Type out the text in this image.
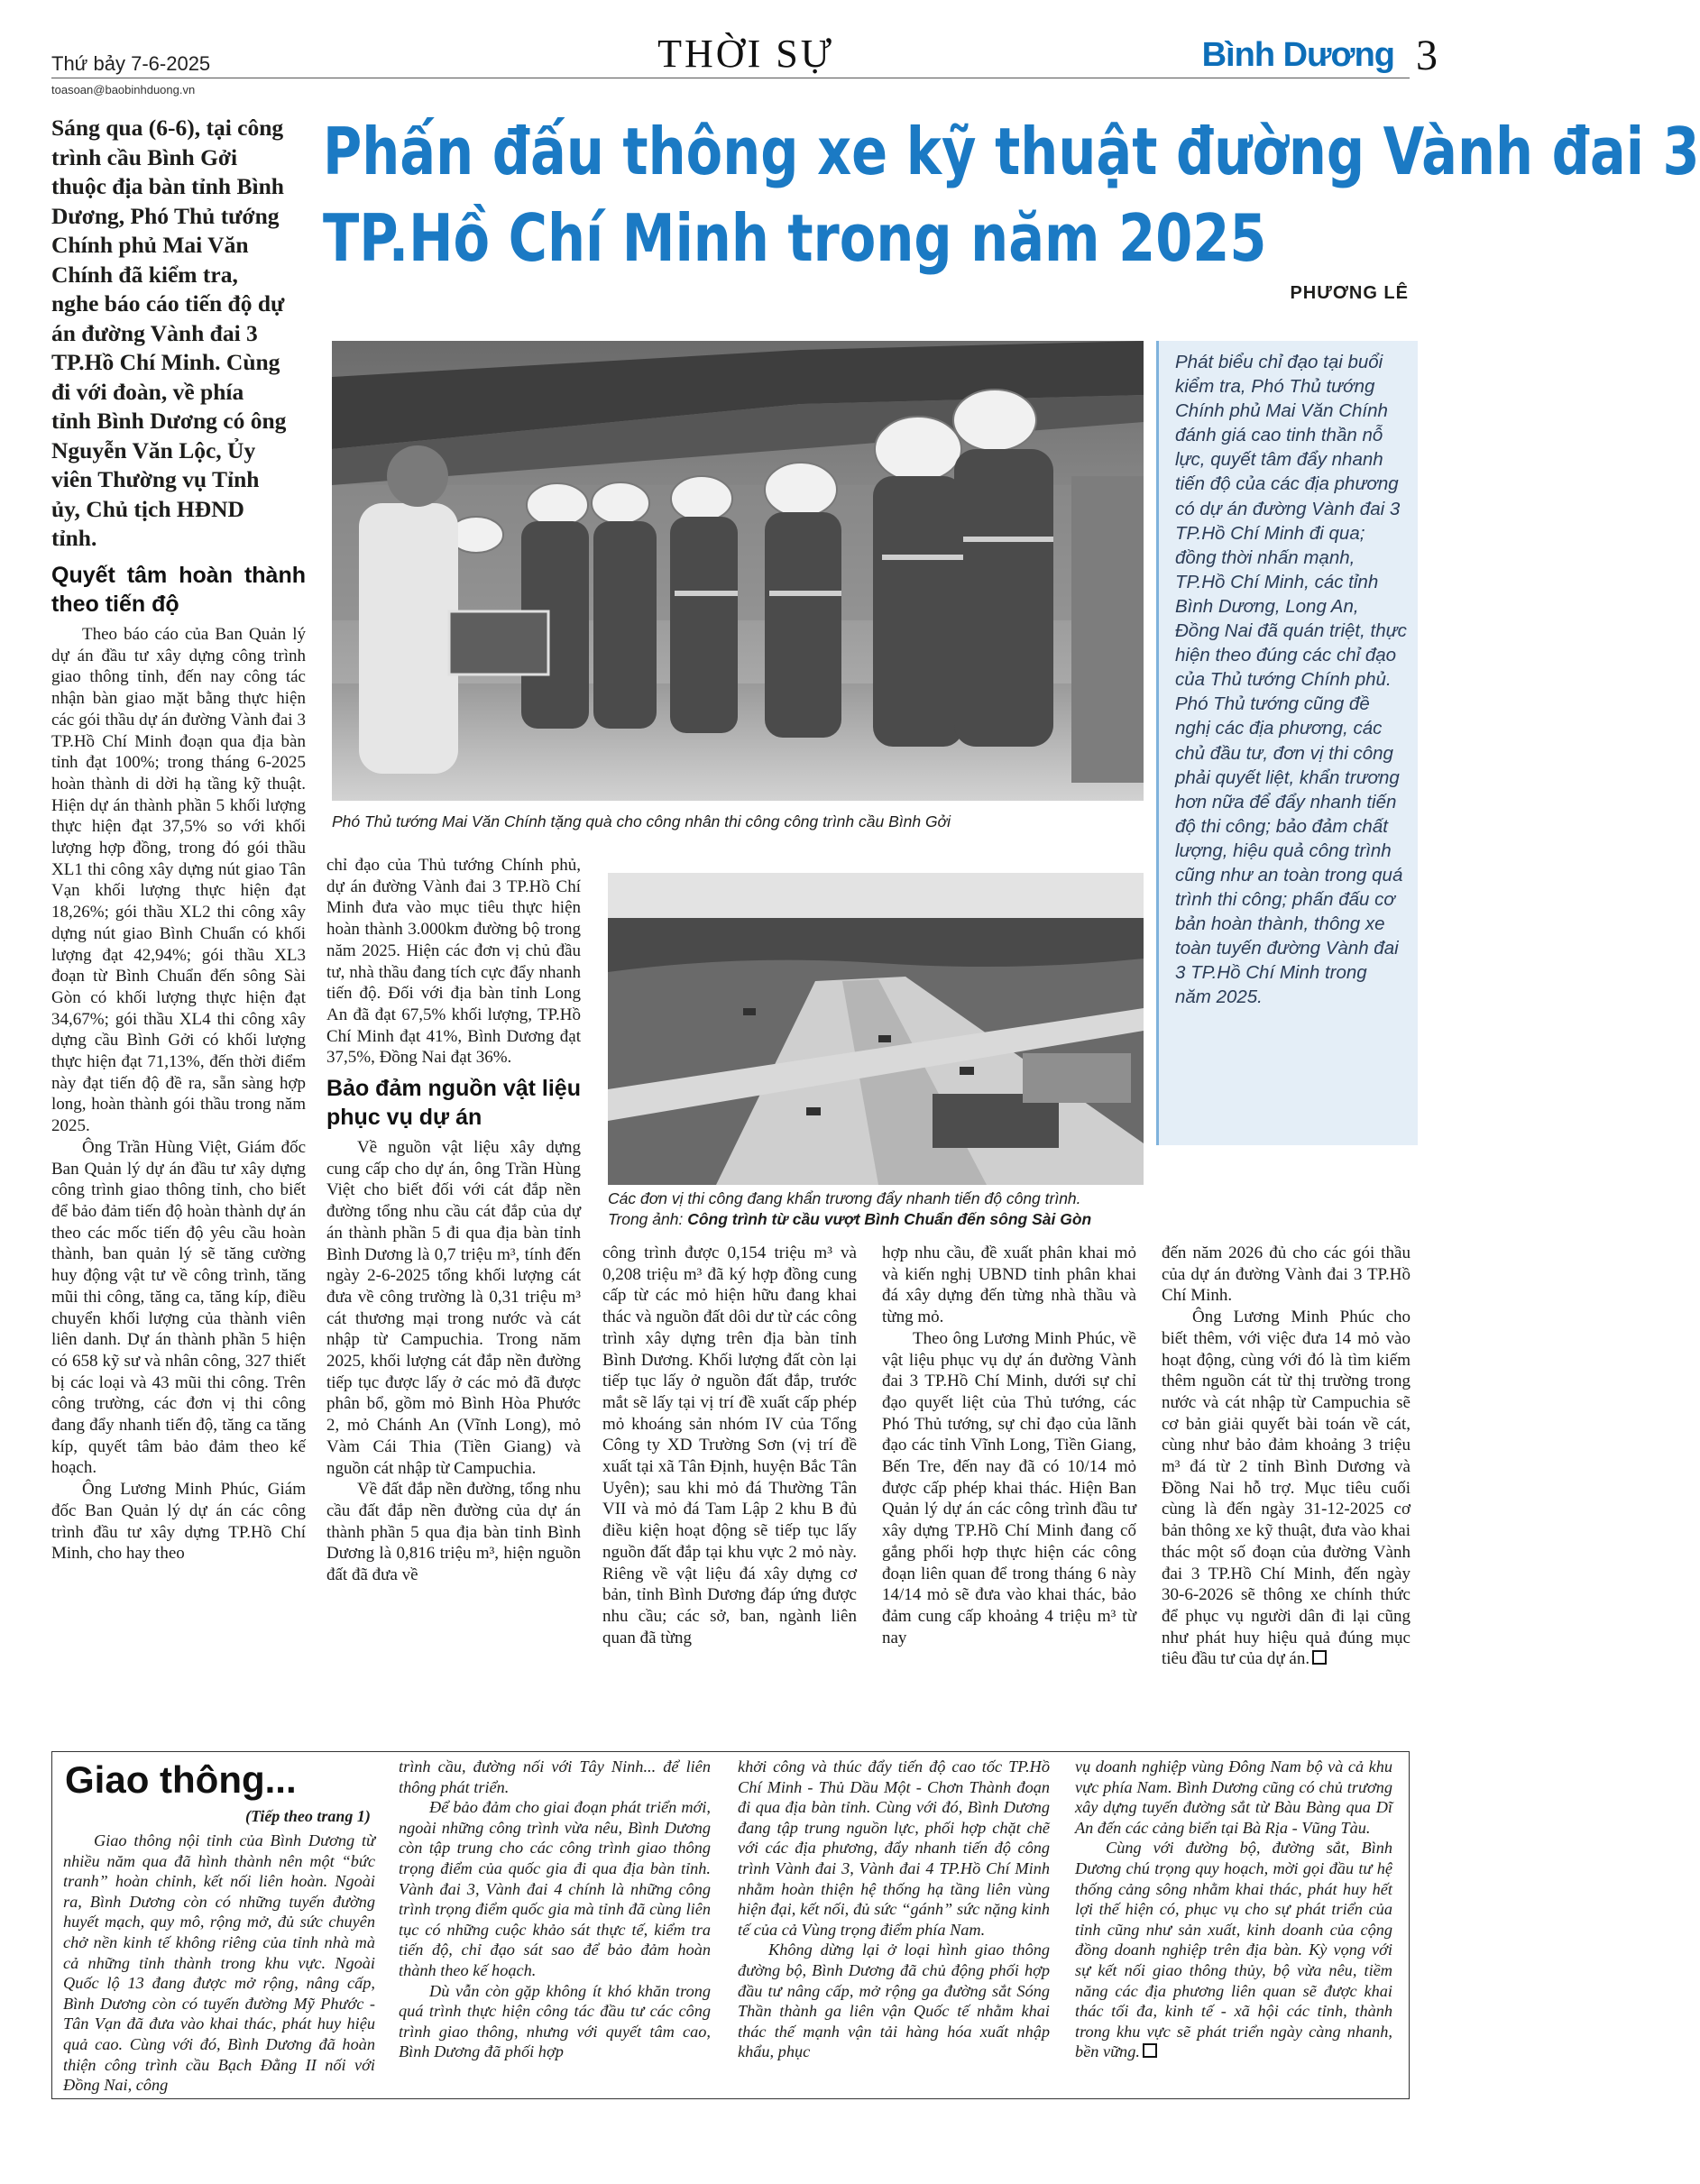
Thứ bảy 7-6-2025
toasoan@baobinhduong.vn
THỜI SỰ	Bình Dương 3
Phấn đấu thông xe kỹ thuật đường Vành đai 3
TP.Hồ Chí Minh trong năm 2025
PHƯƠNG LÊ
Sáng qua (6-6), tại công trình cầu Bình Gởi thuộc địa bàn tỉnh Bình Dương, Phó Thủ tướng Chính phủ Mai Văn Chính đã kiểm tra, nghe báo cáo tiến độ dự án đường Vành đai 3 TP.Hồ Chí Minh. Cùng đi với đoàn, về phía tỉnh Bình Dương có ông Nguyễn Văn Lộc, Ủy viên Thường vụ Tỉnh ủy, Chủ tịch HĐND tỉnh.
Quyết tâm hoàn thành theo tiến độ

Theo báo cáo của Ban Quản lý dự án đầu tư xây dựng công trình giao thông tỉnh, đến nay công tác nhận bàn giao mặt bằng thực hiện các gói thầu dự án đường Vành đai 3 TP.Hồ Chí Minh đoạn qua địa bàn tỉnh đạt 100%; trong tháng 6-2025 hoàn thành di dời hạ tầng kỹ thuật. Hiện dự án thành phần 5 khối lượng thực hiện đạt 37,5% so với khối lượng hợp đồng, trong đó gói thầu XL1 thi công xây dựng nút giao Tân Vạn khối lượng thực hiện đạt 18,26%; gói thầu XL2 thi công xây dựng nút giao Bình Chuẩn có khối lượng đạt 42,94%; gói thầu XL3 đoạn từ Bình Chuẩn đến sông Sài Gòn có khối lượng thực hiện đạt 34,67%; gói thầu XL4 thi công xây dựng cầu Bình Gởi có khối lượng thực hiện đạt 71,13%, đến thời điểm này đạt tiến độ đề ra, sẵn sàng hợp long, hoàn thành gói thầu trong năm 2025.

Ông Trần Hùng Việt, Giám đốc Ban Quản lý dự án đầu tư xây dựng công trình giao thông tỉnh, cho biết để bảo đảm tiến độ hoàn thành dự án theo các mốc tiến độ yêu cầu hoàn thành, ban quản lý sẽ tăng cường huy động vật tư về công trình, tăng mũi thi công, tăng ca, tăng kíp, điều chuyển khối lượng của thành viên liên danh. Dự án thành phần 5 hiện có 658 kỹ sư và nhân công, 327 thiết bị các loại và 43 mũi thi công. Trên công trường, các đơn vị thi công đang đẩy nhanh tiến độ, tăng ca tăng kíp, quyết tâm bảo đảm theo kế hoạch.

Ông Lương Minh Phúc, Giám đốc Ban Quản lý dự án các công trình đầu tư xây dựng TP.Hồ Chí Minh, cho hay theo

Phó Thủ tướng Mai Văn Chính tặng quà cho công nhân thi công công trình cầu Bình Gởi

chỉ đạo của Thủ tướng Chính phủ, dự án đường Vành đai 3 TP.Hồ Chí Minh đưa vào mục tiêu thực hiện hoàn thành 3.000km đường bộ trong năm 2025. Hiện các đơn vị chủ đầu tư, nhà thầu đang tích cực đẩy nhanh tiến độ. Đối với địa bàn tỉnh Long An đã đạt 67,5% khối lượng, TP.Hồ Chí Minh đạt 41%, Bình Dương đạt 37,5%, Đồng Nai đạt 36%.

Bảo đảm nguồn vật liệu phục vụ dự án

Về nguồn vật liệu xây dựng cung cấp cho dự án, ông Trần Hùng Việt cho biết đối với cát đắp nền đường tổng nhu cầu cát đắp của dự án thành phần 5 đi qua địa bàn tỉnh Bình Dương là 0,7 triệu m³, tính đến ngày 2-6-2025 tổng khối lượng cát đưa về công trường là 0,31 triệu m³ cát thương mại trong nước và cát nhập từ Campuchia. Trong năm 2025, khối lượng cát đắp nền đường tiếp tục được lấy ở các mỏ đã được phân bổ, gồm mỏ Bình Hòa Phước 2, mỏ Chánh An (Vĩnh Long), mỏ Vàm Cái Thia (Tiền Giang) và nguồn cát nhập từ Campuchia.

Về đất đắp nền đường, tổng nhu cầu đất đắp nền đường của dự án thành phần 5 qua địa bàn tỉnh Bình Dương là 0,816 triệu m³, hiện nguồn đất đã đưa về

Các đơn vị thi công đang khẩn trương đẩy nhanh tiến độ công trình.
Trong ảnh: Công trình từ cầu vượt Bình Chuẩn đến sông Sài Gòn

Phát biểu chỉ đạo tại buổi kiểm tra, Phó Thủ tướng Chính phủ Mai Văn Chính đánh giá cao tinh thần nỗ lực, quyết tâm đẩy nhanh tiến độ của các địa phương có dự án đường Vành đai 3 TP.Hồ Chí Minh đi qua; đồng thời nhấn mạnh, TP.Hồ Chí Minh, các tỉnh Bình Dương, Long An, Đồng Nai đã quán triệt, thực hiện theo đúng các chỉ đạo của Thủ tướng Chính phủ. Phó Thủ tướng cũng đề nghị các địa phương, các chủ đầu tư, đơn vị thi công phải quyết liệt, khẩn trương hơn nữa để đẩy nhanh tiến độ thi công; bảo đảm chất lượng, hiệu quả công trình cũng như an toàn trong quá trình thi công; phấn đấu cơ bản hoàn thành, thông xe toàn tuyến đường Vành đai 3 TP.Hồ Chí Minh trong năm 2025.

công trình được 0,154 triệu m³ và 0,208 triệu m³ đã ký hợp đồng cung cấp từ các mỏ hiện hữu đang khai thác và nguồn đất dôi dư từ các công trình xây dựng trên địa bàn tỉnh Bình Dương. Khối lượng đất còn lại tiếp tục lấy ở nguồn đất đắp, trước mắt sẽ lấy tại vị trí đề xuất cấp phép mỏ khoáng sản nhóm IV của Tổng Công ty XD Trường Sơn (vị trí đề xuất tại xã Tân Định, huyện Bắc Tân Uyên); sau khi mỏ đá Thường Tân VII và mỏ đá Tam Lập 2 khu B đủ điều kiện hoạt động sẽ tiếp tục lấy nguồn đất đắp tại khu vực 2 mỏ này. Riêng về vật liệu đá xây dựng cơ bản, tỉnh Bình Dương đáp ứng được nhu cầu; các sở, ban, ngành liên quan đã từng

hợp nhu cầu, đề xuất phân khai mỏ và kiến nghị UBND tỉnh phân khai đá xây dựng đến từng nhà thầu và từng mỏ.

Theo ông Lương Minh Phúc, về vật liệu phục vụ dự án đường Vành đai 3 TP.Hồ Chí Minh, dưới sự chỉ đạo quyết liệt của Thủ tướng, các Phó Thủ tướng, sự chỉ đạo của lãnh đạo các tỉnh Vĩnh Long, Tiền Giang, Bến Tre, đến nay đã có 10/14 mỏ được cấp phép khai thác. Hiện Ban Quản lý dự án các công trình đầu tư xây dựng TP.Hồ Chí Minh đang cố gắng phối hợp thực hiện các công đoạn liên quan để trong tháng 6 này 14/14 mỏ sẽ đưa vào khai thác, bảo đảm cung cấp khoảng 4 triệu m³ từ nay

đến năm 2026 đủ cho các gói thầu của dự án đường Vành đai 3 TP.Hồ Chí Minh.

Ông Lương Minh Phúc cho biết thêm, với việc đưa 14 mỏ vào hoạt động, cùng với đó là tìm kiếm thêm nguồn cát từ thị trường trong nước và cát nhập từ Campuchia sẽ cơ bản giải quyết bài toán về cát, cùng như bảo đảm khoảng 3 triệu m³ đá từ 2 tỉnh Bình Dương và Đồng Nai hỗ trợ. Mục tiêu cuối cùng là đến ngày 31-12-2025 cơ bản thông xe kỹ thuật, đưa vào khai thác một số đoạn của đường Vành đai 3 TP.Hồ Chí Minh, đến ngày 30-6-2026 sẽ thông xe chính thức để phục vụ người dân đi lại cũng như phát huy hiệu quả đúng mục tiêu đầu tư của dự án.

Giao thông...
(Tiếp theo trang 1)

Giao thông nội tỉnh của Bình Dương từ nhiều năm qua đã hình thành nên một “bức tranh” hoàn chỉnh, kết nối liên hoàn. Ngoài ra, Bình Dương còn có những tuyến đường huyết mạch, quy mô, rộng mở, đủ sức chuyên chở nền kinh tế không riêng của tỉnh nhà mà cả những tỉnh thành trong khu vực. Ngoài Quốc lộ 13 đang được mở rộng, nâng cấp, Bình Dương còn có tuyến đường Mỹ Phước - Tân Vạn đã đưa vào khai thác, phát huy hiệu quả cao. Cùng với đó, Bình Dương đã hoàn thiện công trình cầu Bạch Đằng II nối với Đồng Nai, công

trình cầu, đường nối với Tây Ninh... để liên thông phát triển.

Để bảo đảm cho giai đoạn phát triển mới, ngoài những công trình vừa nêu, Bình Dương còn tập trung cho các công trình giao thông trọng điểm của quốc gia đi qua địa bàn tỉnh. Vành đai 3, Vành đai 4 chính là những công trình trọng điểm quốc gia mà tỉnh đã cùng liên tục có những cuộc khảo sát thực tế, kiểm tra tiến độ, chỉ đạo sát sao để bảo đảm hoàn thành theo kế hoạch.

Dù vẫn còn gặp không ít khó khăn trong quá trình thực hiện công tác đầu tư các công trình giao thông, nhưng với quyết tâm cao, Bình Dương đã phối hợp

khởi công và thúc đẩy tiến độ cao tốc TP.Hồ Chí Minh - Thủ Dầu Một - Chơn Thành đoạn đi qua địa bàn tỉnh. Cùng với đó, Bình Dương đang tập trung nguồn lực, phối hợp chặt chẽ với các địa phương, đẩy nhanh tiến độ công trình Vành đai 3, Vành đai 4 TP.Hồ Chí Minh nhằm hoàn thiện hệ thống hạ tầng liên vùng hiện đại, kết nối, đủ sức “gánh” sức nặng kinh tế của cả Vùng trọng điểm phía Nam.

Không dừng lại ở loại hình giao thông đường bộ, Bình Dương đã chủ động phối hợp đầu tư nâng cấp, mở rộng ga đường sắt Sóng Thần thành ga liên vận Quốc tế nhằm khai thác thế mạnh vận tải hàng hóa xuất nhập khẩu, phục

vụ doanh nghiệp vùng Đông Nam bộ và cả khu vực phía Nam. Bình Dương cũng có chủ trương xây dựng tuyến đường sắt từ Bàu Bàng qua Dĩ An đến các cảng biển tại Bà Rịa - Vũng Tàu.

Cùng với đường bộ, đường sắt, Bình Dương chú trọng quy hoạch, mời gọi đầu tư hệ thống cảng sông nhằm khai thác, phát huy hết lợi thế hiện có, phục vụ cho sự phát triển của tỉnh cũng như sản xuất, kinh doanh của cộng đồng doanh nghiệp trên địa bàn. Kỳ vọng với sự kết nối giao thông thủy, bộ vừa nêu, tiềm năng các địa phương liên quan sẽ được khai thác tối đa, kinh tế - xã hội các tỉnh, thành trong khu vực sẽ phát triển ngày càng nhanh, bền vững.
